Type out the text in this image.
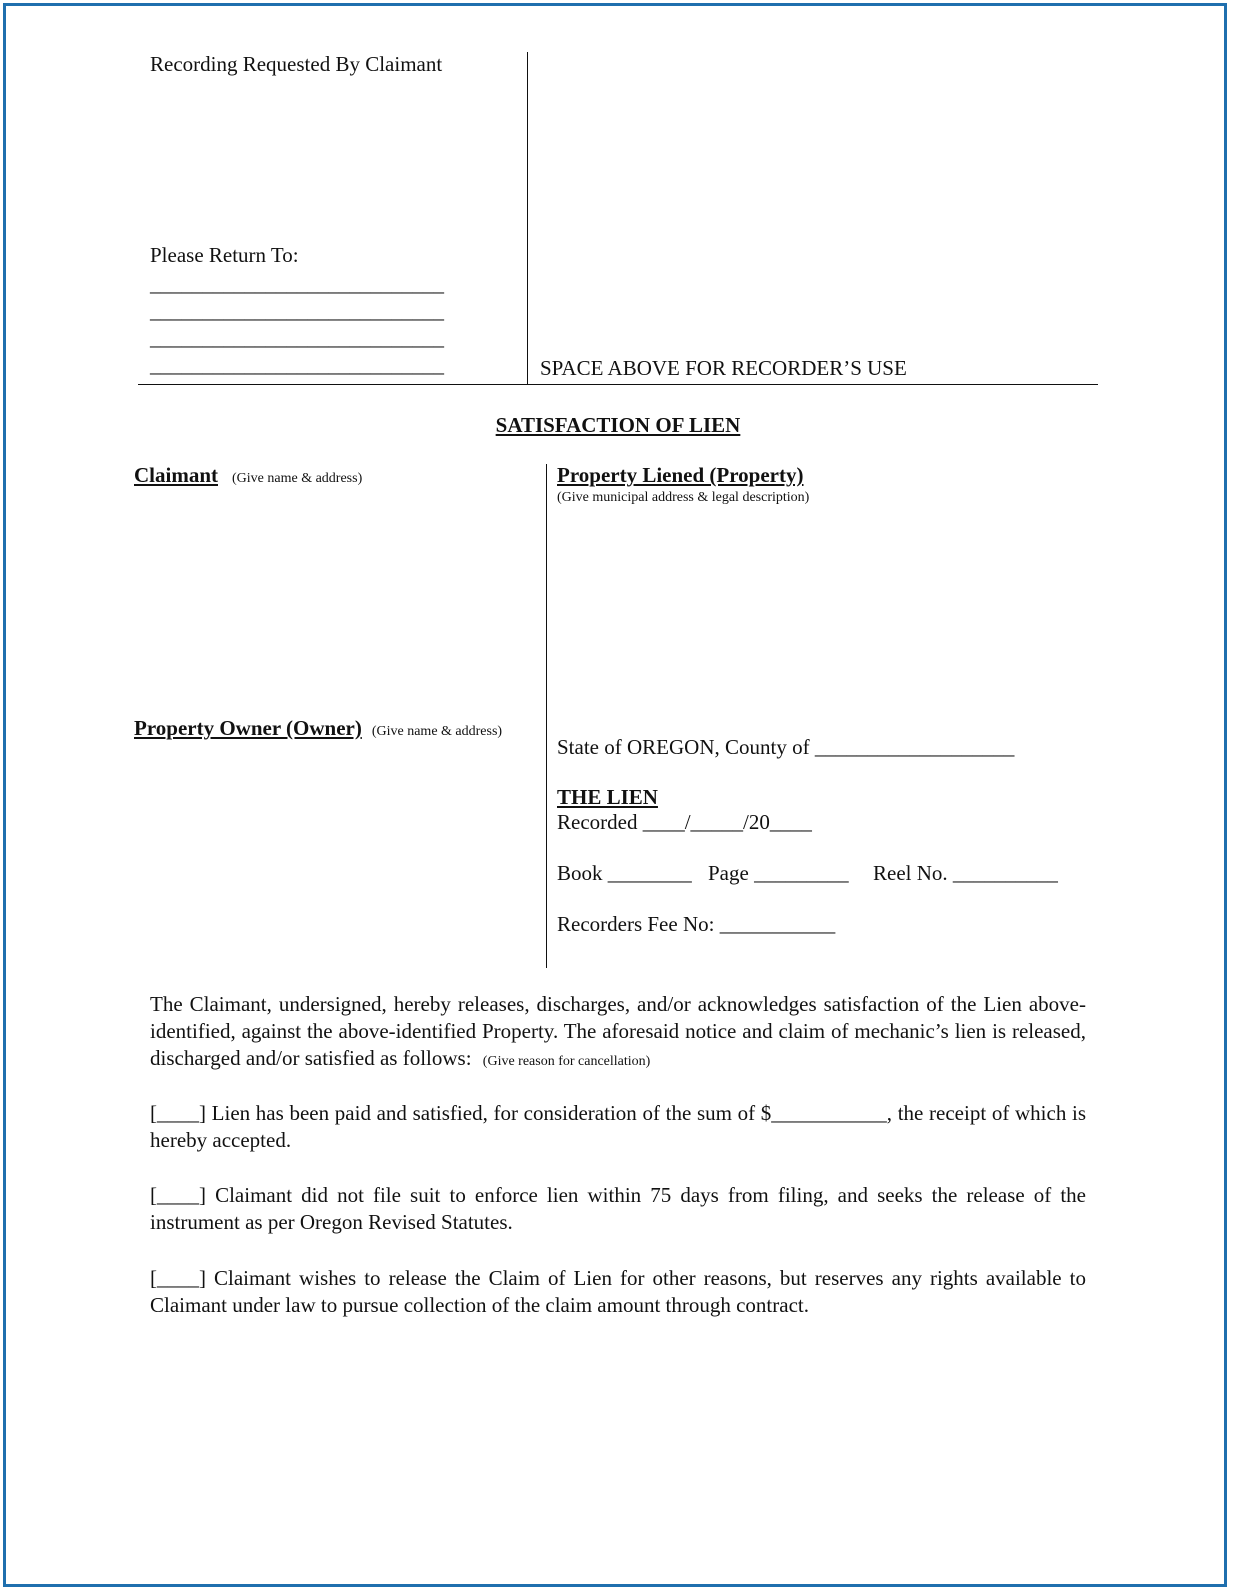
Recording Requested By Claimant
Please Return To:
____________________________
____________________________
____________________________
____________________________	SPACE ABOVE FOR RECORDER’S USE
SATISFACTION OF LIEN
Claimant (Give name & address)
Property Owner (Owner) (Give name & address)
Property Liened (Property)
(Give municipal address & legal description)
State of OREGON, County of ___________________
THE LIEN
Recorded ____/_____/20____
Book ________ Page _________ Reel No. __________
Recorders Fee No: ___________
The Claimant, undersigned, hereby releases, discharges, and/or acknowledges satisfaction of the Lien above-identified, against the above-identified Property. The aforesaid notice and claim of mechanic’s lien is released, discharged and/or satisfied as follows: (Give reason for cancellation)
[____] Lien has been paid and satisfied, for consideration of the sum of $___________, the receipt of which is hereby accepted.
[____] Claimant did not file suit to enforce lien within 75 days from filing, and seeks the release of the instrument as per Oregon Revised Statutes.
[____] Claimant wishes to release the Claim of Lien for other reasons, but reserves any rights available to Claimant under law to pursue collection of the claim amount through contract.
